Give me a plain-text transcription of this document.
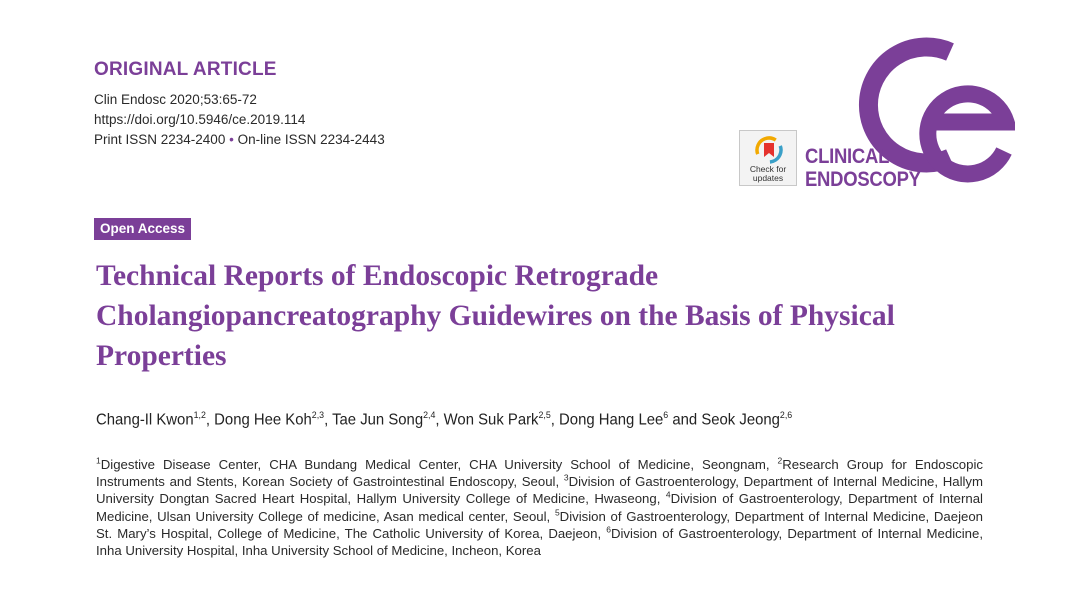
ORIGINAL ARTICLE
Clin Endosc 2020;53:65-72
https://doi.org/10.5946/ce.2019.114
Print ISSN 2234-2400 • On-line ISSN 2234-2443
Check for
updates
CLINICAL
ENDOSCOPY
Open Access
Technical Reports of Endoscopic Retrograde
Cholangiopancreatography Guidewires on the Basis of Physical
Properties
Chang-Il Kwon$^{1,2}$, Dong Hee Koh$^{2,3}$, Tae Jun Song$^{2,4}$, Won Suk Park$^{2,5}$, Dong Hang Lee$^6$ and Seok Jeong$^{2,6}$
$^1$Digestive Disease Center, CHA Bundang Medical Center, CHA University School of Medicine, Seongnam, $^2$Research Group for Endoscopic Instruments and Stents, Korean Society of Gastrointestinal Endoscopy, Seoul, $^3$Division of Gastroenterology, Department of Internal Medicine, Hallym University Dongtan Sacred Heart Hospital, Hallym University College of Medicine, Hwaseong, $^4$Division of Gastroenterology, Department of Internal Medicine, Ulsan University College of medicine, Asan medical center, Seoul, $^5$Division of Gastroenterology, Department of Internal Medicine, Daejeon St. Mary’s Hospital, College of Medicine, The Catholic University of Korea, Daejeon, $^6$Division of Gastroenterology, Department of Internal Medicine, Inha University Hospital, Inha University School of Medicine, Incheon, Korea
